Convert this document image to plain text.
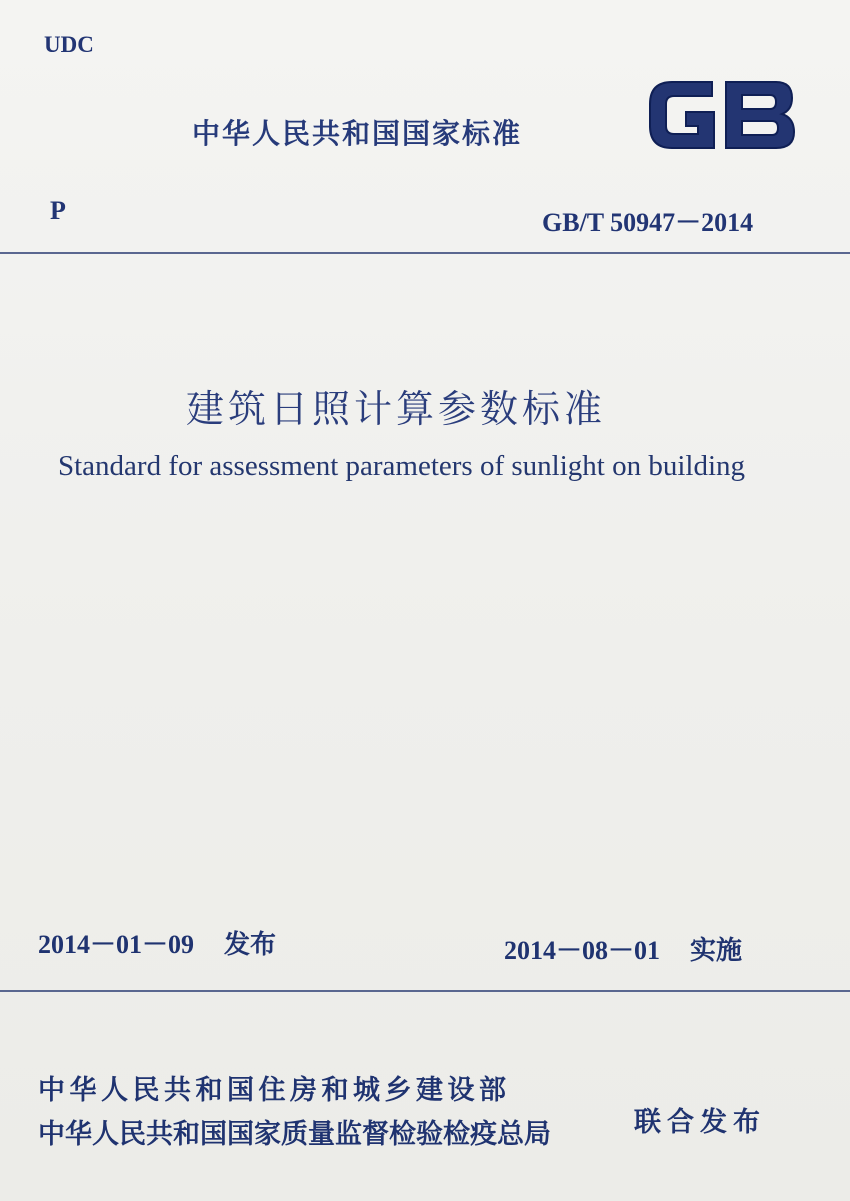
UDC
中华人民共和国国家标准
P	GB/T 50947－2014
建筑日照计算参数标准
Standard for assessment parameters of sunlight on building
2014－01－09 发布	2014－08－01 实施
中华人民共和国住房和城乡建设部
中华人民共和国国家质量监督检验检疫总局	联合发布
